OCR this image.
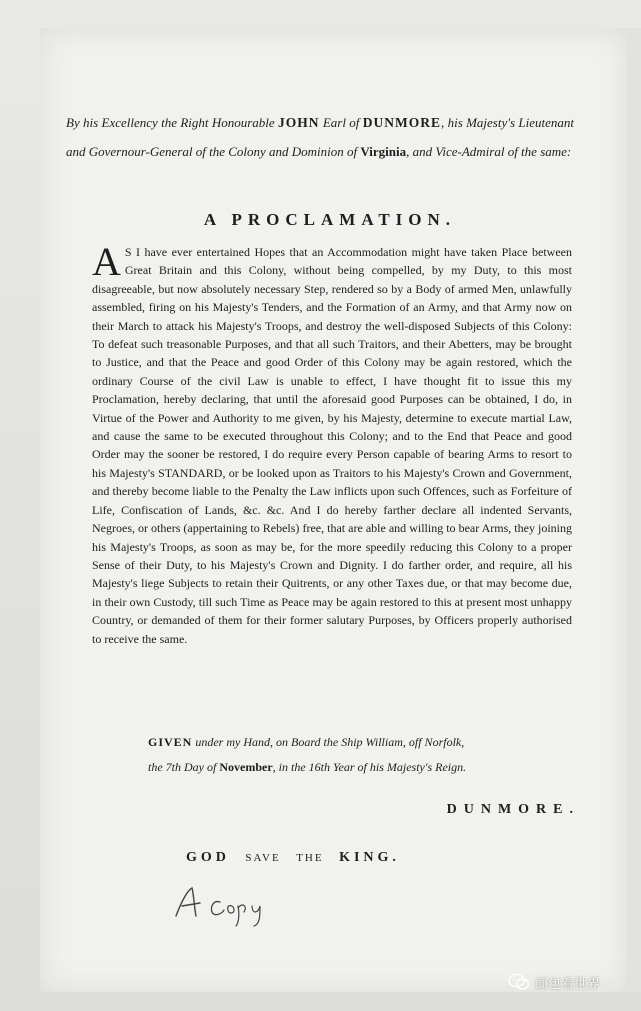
By his Excellency the Right Honourable JOHN Earl of DUNMORE, his Majesty's Lieutenant and Governour-General of the Colony and Dominion of Virginia, and Vice-Admiral of the same:
A PROCLAMATION.
A S I have ever entertained Hopes that an Accommodation might have taken Place between Great Britain and this Colony, without being compelled, by my Duty, to this most disagreeable, but now absolutely necessary Step, rendered so by a Body of armed Men, unlawfully assembled, firing on his Majesty's Tenders, and the Formation of an Army, and that Army now on their March to attack his Majesty's Troops, and destroy the well-disposed Subjects of this Colony: To defeat such treasonable Purposes, and that all such Traitors, and their Abetters, may be brought to Justice, and that the Peace and good Order of this Colony may be again restored, which the ordinary Course of the civil Law is unable to effect, I have thought fit to issue this my Proclamation, hereby declaring, that until the aforesaid good Purposes can be obtained, I do, in Virtue of the Power and Authority to me given, by his Majesty, determine to execute martial Law, and cause the same to be executed throughout this Colony; and to the End that Peace and good Order may the sooner be restored, I do require every Person capable of bearing Arms to resort to his Majesty's STANDARD, or be looked upon as Traitors to his Majesty's Crown and Government, and thereby become liable to the Penalty the Law inflicts upon such Offences, such as Forfeiture of Life, Confiscation of Lands, &c. &c. And I do hereby farther declare all indented Servants, Negroes, or others (appertaining to Rebels) free, that are able and willing to bear Arms, they joining his Majesty's Troops, as soon as may be, for the more speedily reducing this Colony to a proper Sense of their Duty, to his Majesty's Crown and Dignity. I do farther order, and require, all his Majesty's liege Subjects to retain their Quitrents, or any other Taxes due, or that may become due, in their own Custody, till such Time as Peace may be again restored to this at present most unhappy Country, or demanded of them for their former salutary Purposes, by Officers properly authorised to receive the same.
GIVEN under my Hand, on Board the Ship William, off Norfolk,
the 7th Day of November, in the 16th Year of his Majesty's Reign.
DUNMORE.
GOD SAVE THE KING.
面包看世界
